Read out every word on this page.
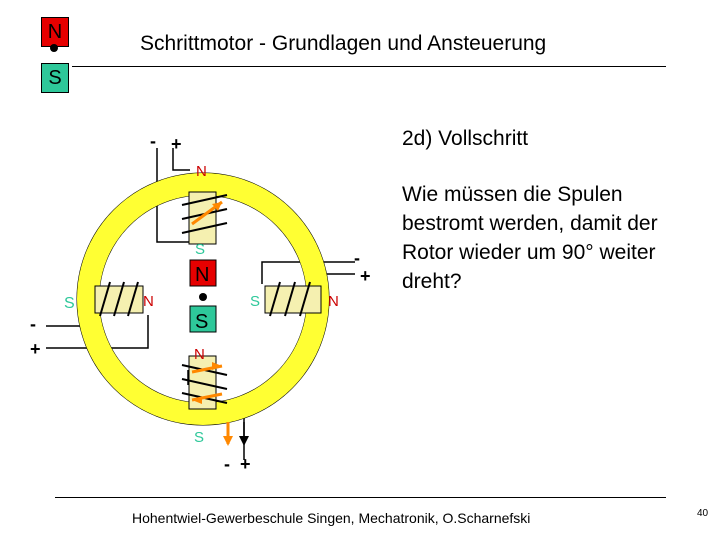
N
S
Schrittmotor - Grundlagen und Ansteuerung
2d) Vollschritt
Wie müssen die Spulen bestromt werden, damit der Rotor wieder um 90° weiter dreht?
- +
-
+
-
+
- +
N
S
S	N	S	N
N
S
N
S
Hohentwiel-Gewerbeschule Singen, Mechatronik, O.Scharnefski	40
